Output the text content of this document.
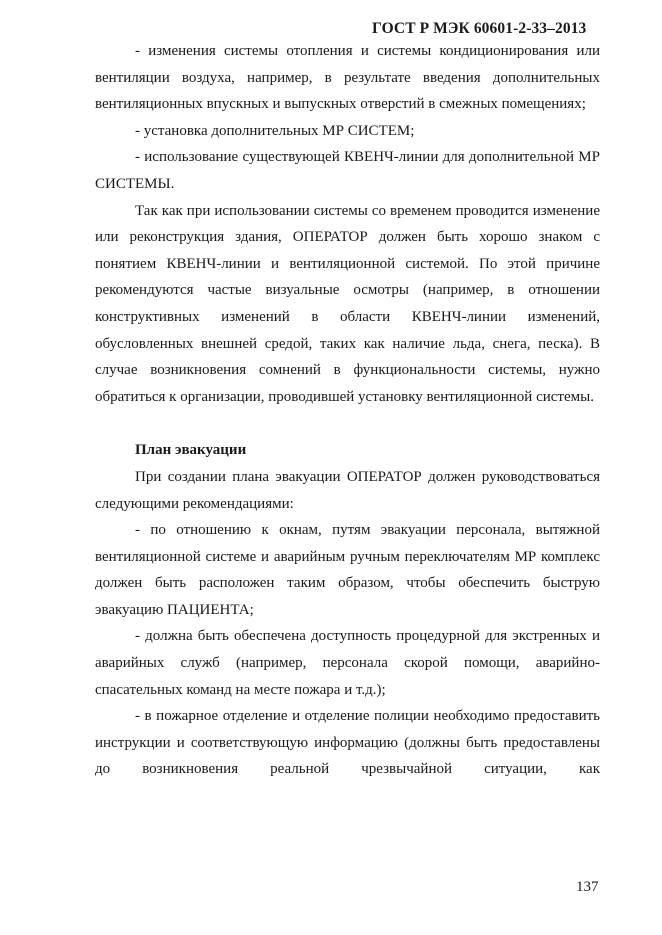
ГОСТ Р МЭК 60601-2-33–2013

- изменения системы отопления и системы кондиционирования или вентиляции воздуха, например, в результате введения дополнительных вентиляционных впускных и выпускных отверстий в смежных помещениях;

- установка дополнительных МР СИСТЕМ;

- использование существующей КВЕНЧ-линии для дополнительной МР СИСТЕМЫ.

Так как при использовании системы со временем проводится изменение или реконструкция здания, ОПЕРАТОР должен быть хорошо знаком с понятием КВЕНЧ-линии и вентиляционной системой. По этой причине рекомендуются частые визуальные осмотры (например, в отношении конструктивных изменений в области КВЕНЧ-линии изменений, обусловленных внешней средой, таких как наличие льда, снега, песка). В случае возникновения сомнений в функциональности системы, нужно обратиться к организации, проводившей установку вентиляционной системы.

План эвакуации

При создании плана эвакуации ОПЕРАТОР должен руководствоваться следующими рекомендациями:

- по отношению к окнам, путям эвакуации персонала, вытяжной вентиляционной системе и аварийным ручным переключателям МР комплекс должен быть расположен таким образом, чтобы обеспечить быструю эвакуацию ПАЦИЕНТА;

- должна быть обеспечена доступность процедурной для экстренных и аварийных служб (например, персонала скорой помощи, аварийно-спасательных команд на месте пожара и т.д.);

- в пожарное отделение и отделение полиции необходимо предоставить инструкции и соответствующую информацию (должны быть предоставлены до возникновения реальной чрезвычайной ситуации, как

137
